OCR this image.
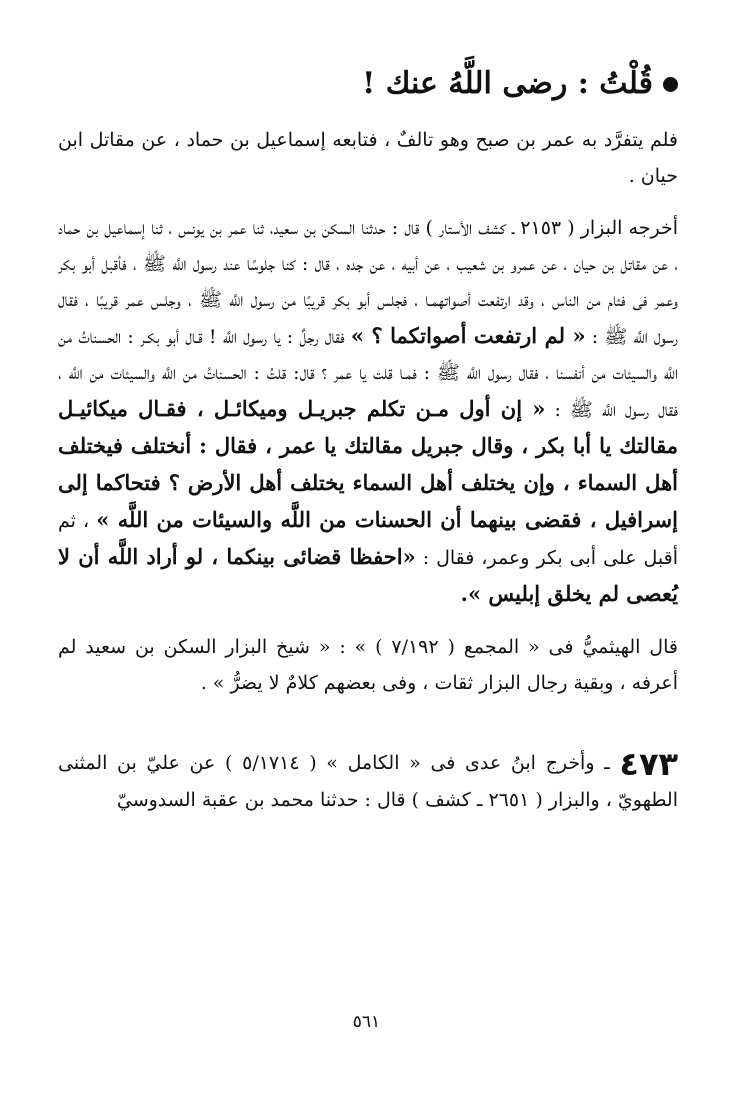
قُلْتُ : رضى اللَّهُ عنك !

فلم يتفرَّد به عمر بن صبح وهو تالفٌ ، فتابعه إسماعيل بن حماد ، عن مقاتل ابن حيان .

أخرجه البزار ( ٢١٥٣ ـ كشف الأستار ) قال : حدثنا السكن بن سعيد، ثنا عمر بن يونس ، ثنا إسماعيل بن حماد ، عن مقاتل بن حيان ، عن عمرو بن شعيب ، عن أبيه ، عن جده ، قال : كنا جلوسًا عند رسول اللَّه ﷺ ، فأقبل أبو بكر وعمر فى فئام من الناس ، وقد ارتفعت أصواتهمـا ، فجلس أبو بكر قريبًا من رسول اللَّه ﷺ ، وجلس عمر قريبًا ، فقال رسول اللَّه ﷺ : « لم ارتفعت أصواتكما ؟ » فقال رجلٌ : يا رسول اللَّه ! قـال أبو بكـر : الحسناتُ من اللَّه والسيئات من أنفسنا ، فقال رسول اللَّه ﷺ : فمـا قلت يا عمر ؟ قال: قلتُ : الحسناتُ من اللَّه والسيئات من اللَّه ، فقال رسول اللَّه ﷺ : « إن أول مـن تكلم جبريـل وميكائـل ، فقـال ميكائيـل مقالتك يا أبا بكر ، وقال جبريل مقالتك يا عمر ، فقال : أنختلف فيختلف أهل السماء ، وإن يختلف أهل السماء يختلف أهل الأرض ؟ فتحاكما إلى إسرافيل ، فقضى بينهما أن الحسنات من اللَّه والسيئات من اللَّه » ، ثم أقبل على أبى بكر وعمر، فقال : «احفظا قضائى بينكما ، لو أراد اللَّه أن لا يُعصى لم يخلق إبليس ».

قال الهيثميُّ فى « المجمع ( ٧/١٩٢ ) » : « شيخ البزار السكن بن سعيد لم أعرفه ، وبقية رجال البزار ثقات ، وفى بعضهم كلامٌ لا يضرُّ » .

٤٧٣ ـ وأخرج ابنُ عدى فى « الكامل » ( ٥/١٧١٤ ) عن عليّ بن المثنى الطهويّ ، والبزار ( ٢٦٥١ ـ كشف ) قال : حدثنا محمد بن عقبة السدوسيّ
٥٦١
